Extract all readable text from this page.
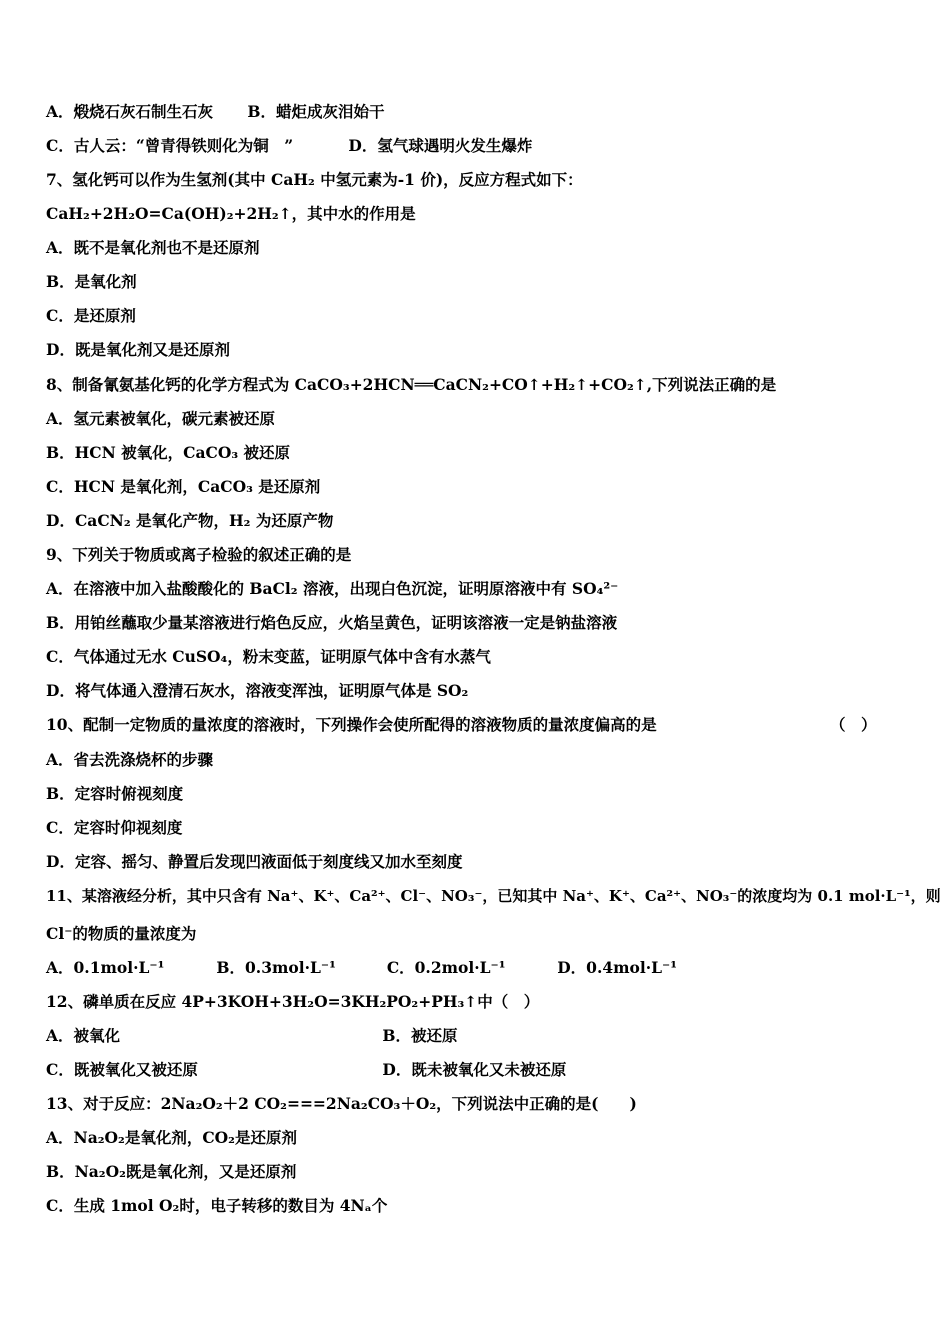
A．煅烧石灰石制生石灰 B．蜡炬成灰泪始干
C．古人云：“曾青得铁则化为铜　”	D．氢气球遇明火发生爆炸
7、氢化钙可以作为生氢剂(其中 CaH₂ 中氢元素为-1 价)，反应方程式如下：
CaH₂+2H₂O=Ca(OH)₂+2H₂↑，其中水的作用是
A．既不是氧化剂也不是还原剂
B．是氧化剂
C．是还原剂
D．既是氧化剂又是还原剂
8、制备氰氨基化钙的化学方程式为 CaCO₃+2HCN══CaCN₂+CO↑+H₂↑+CO₂↑,下列说法正确的是
A．氢元素被氧化，碳元素被还原
B．HCN 被氧化，CaCO₃ 被还原
C．HCN 是氧化剂，CaCO₃ 是还原剂
D．CaCN₂ 是氧化产物，H₂ 为还原产物
9、下列关于物质或离子检验的叙述正确的是
A．在溶液中加入盐酸酸化的 BaCl₂ 溶液，出现白色沉淀，证明原溶液中有 SO₄²⁻
B．用铂丝蘸取少量某溶液进行焰色反应，火焰呈黄色，证明该溶液一定是钠盐溶液
C．气体通过无水 CuSO₄，粉末变蓝，证明原气体中含有水蒸气
D．将气体通入澄清石灰水，溶液变浑浊，证明原气体是 SO₂
10、配制一定物质的量浓度的溶液时，下列操作会使所配得的溶液物质的量浓度偏高的是	（　）
A．省去洗涤烧杯的步骤
B．定容时俯视刻度
C．定容时仰视刻度
D．定容、摇匀、静置后发现凹液面低于刻度线又加水至刻度
11、某溶液经分析，其中只含有 Na⁺、K⁺、Ca²⁺、Cl⁻、NO₃⁻，已知其中 Na⁺、K⁺、Ca²⁺、NO₃⁻的浓度均为 0.1 mol·L⁻¹，则
Cl⁻的物质的量浓度为
A．0.1mol·L⁻¹	B．0.3mol·L⁻¹	C．0.2mol·L⁻¹	D．0.4mol·L⁻¹
12、磷单质在反应 4P+3KOH+3H₂O=3KH₂PO₂+PH₃↑中（　）
A．被氧化	B．被还原
C．既被氧化又被还原	D．既未被氧化又未被还原
13、对于反应：2Na₂O₂＋2 CO₂===2Na₂CO₃＋O₂，下列说法中正确的是(　　)
A．Na₂O₂是氧化剂，CO₂是还原剂
B．Na₂O₂既是氧化剂，又是还原剂
C．生成 1mol O₂时，电子转移的数目为 4Nₐ个
